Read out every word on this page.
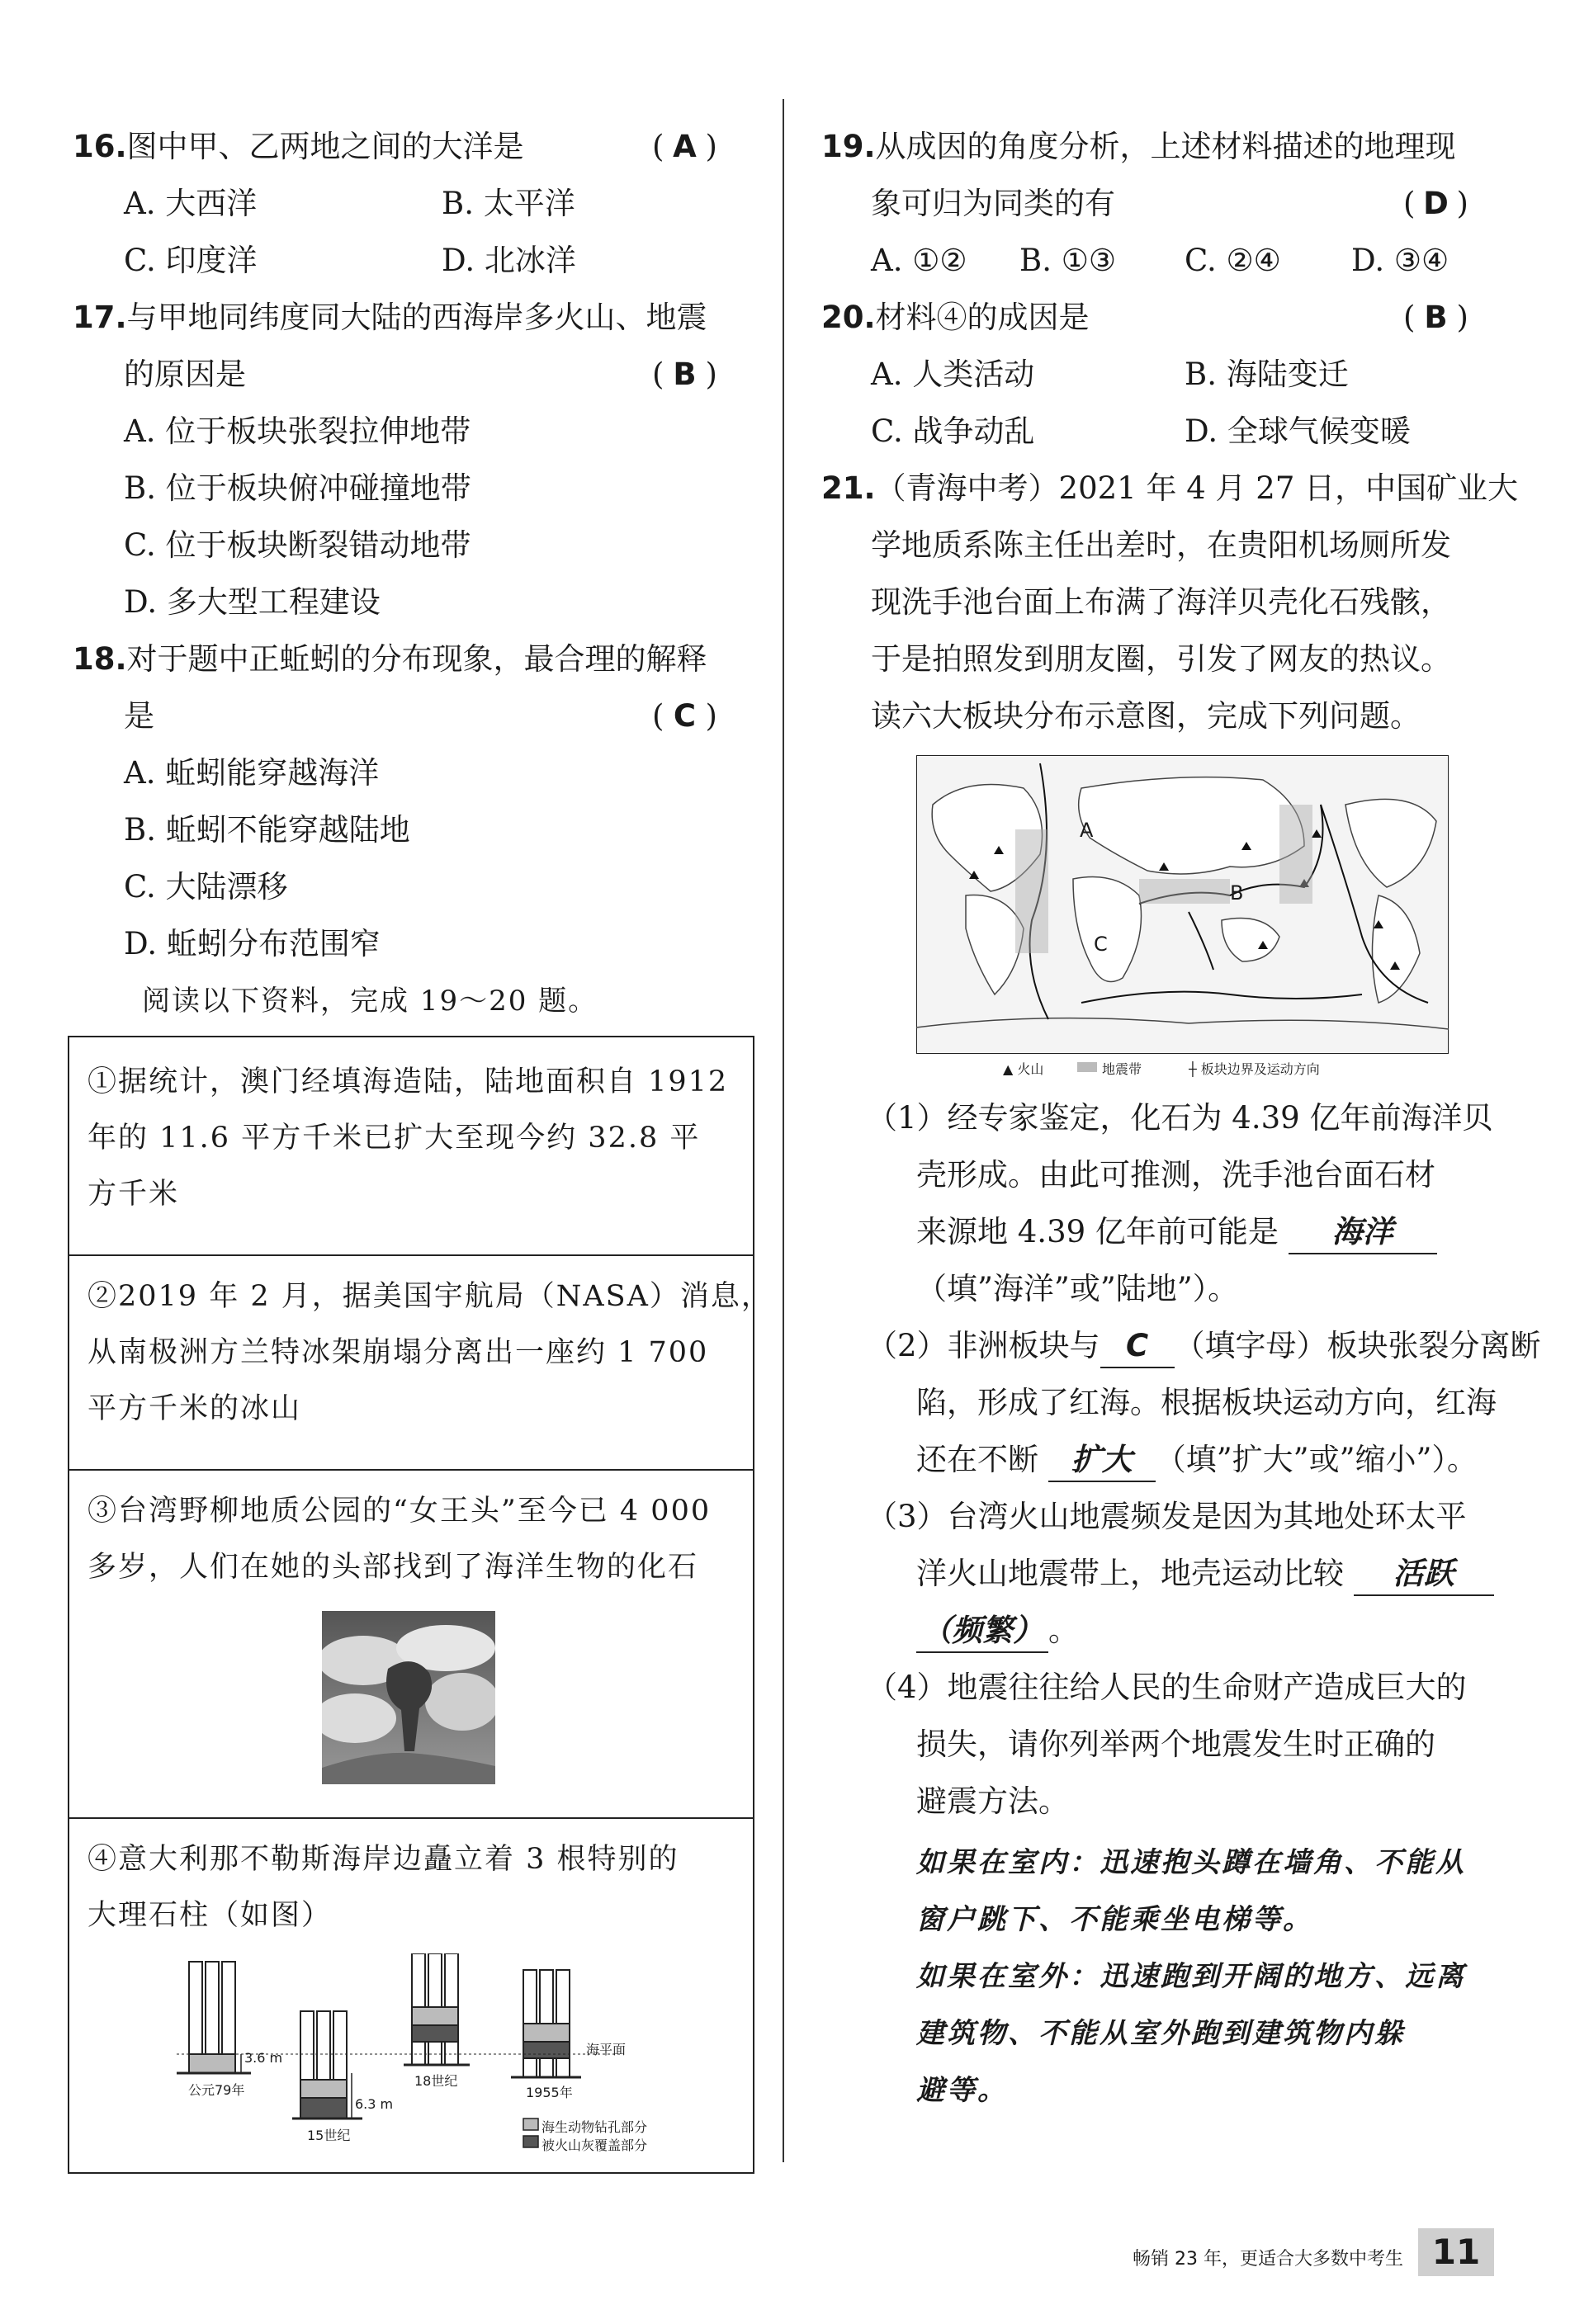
16.图中甲、乙两地之间的大洋是	( A )
A. 大西洋	B. 太平洋
C. 印度洋	D. 北冰洋
17.与甲地同纬度同大陆的西海岸多火山、地震
的原因是	( B )
A. 位于板块张裂拉伸地带
B. 位于板块俯冲碰撞地带
C. 位于板块断裂错动地带
D. 多大型工程建设
18.对于题中正蚯蚓的分布现象，最合理的解释
是	( C )
A. 蚯蚓能穿越海洋
B. 蚯蚓不能穿越陆地
C. 大陆漂移
D. 蚯蚓分布范围窄
阅读以下资料，完成 19～20 题。
①据统计，澳门经填海造陆，陆地面积自 1912
年的 11.6 平方千米已扩大至现今约 32.8 平
方千米
②2019 年 2 月，据美国宇航局（NASA）消息，
从南极洲方兰特冰架崩塌分离出一座约 1 700
平方千米的冰山
③台湾野柳地质公园的“女王头”至今已 4 000
多岁，人们在她的头部找到了海洋生物的化石
④意大利那不勒斯海岸边矗立着 3 根特别的
大理石柱（如图）
3.6 m
公元79年
6.3 m
15世纪
18世纪
1955年
海平面
海生动物钻孔部分
被火山灰覆盖部分
19.从成因的角度分析，上述材料描述的地理现
象可归为同类的有	( D )
A. ①② B. ①③ C. ②④ D. ③④
20.材料④的成因是	( B )
A. 人类活动	B. 海陆变迁
C. 战争动乱	D. 全球气候变暖
21.（青海中考）2021 年 4 月 27 日，中国矿业大
学地质系陈主任出差时，在贵阳机场厕所发
现洗手池台面上布满了海洋贝壳化石残骸，
于是拍照发到朋友圈，引发了网友的热议。
读六大板块分布示意图，完成下列问题。
A
B
C
▲ 火山	地震带	┼ 板块边界及运动方向
（1）经专家鉴定，化石为 4.39 亿年前海洋贝
壳形成。由此可推测，洗手池台面石材
来源地 4.39 亿年前可能是 海洋
（填”海洋”或”陆地”）。
（2）非洲板块与 C （填字母）板块张裂分离断
陷，形成了红海。根据板块运动方向，红海
还在不断 扩大 （填”扩大”或”缩小”）。
（3）台湾火山地震频发是因为其地处环太平
洋火山地震带上，地壳运动比较 活跃
（频繁） 。
（4）地震往往给人民的生命财产造成巨大的
损失，请你列举两个地震发生时正确的
避震方法。
如果在室内：迅速抱头蹲在墙角、不能从
窗户跳下、不能乘坐电梯等。
如果在室外：迅速跑到开阔的地方、远离
建筑物、不能从室外跑到建筑物内躲
避等。
畅销 23 年，更适合大多数中考生 11
